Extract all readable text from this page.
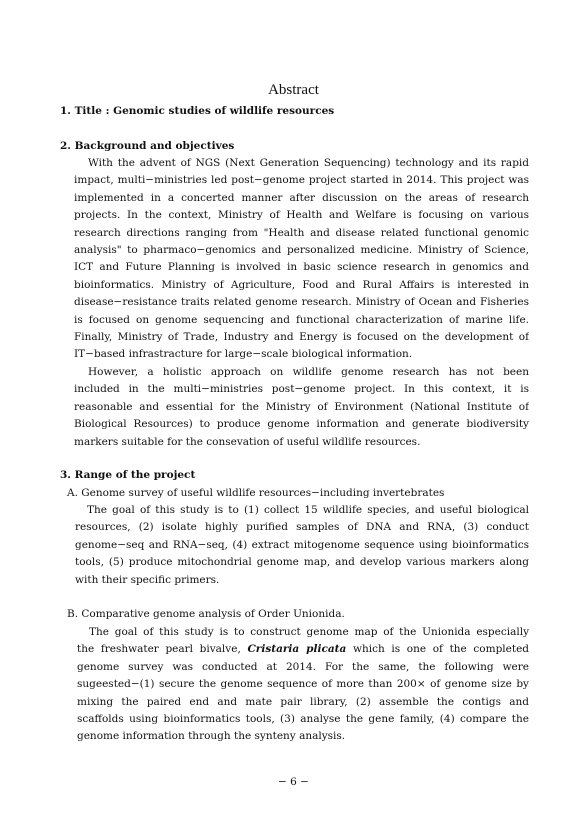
Abstract
1. Title : Genomic studies of wildlife resources
2. Background and objectives
With the advent of NGS (Next Generation Sequencing) technology and its rapid
impact, multi−ministries led post−genome project started in 2014. This project was
implemented in a concerted manner after discussion on the areas of research
projects. In the context, Ministry of Health and Welfare is focusing on various
research directions ranging from "Health and disease related functional genomic
analysis" to pharmaco−genomics and personalized medicine. Ministry of Science,
ICT and Future Planning is involved in basic science research in genomics and
bioinformatics. Ministry of Agriculture, Food and Rural Affairs is interested in
disease−resistance traits related genome research. Ministry of Ocean and Fisheries
is focused on genome sequencing and functional characterization of marine life.
Finally, Ministry of Trade, Industry and Energy is focused on the development of
IT−based infrastracture for large−scale biological information.
However, a holistic approach on wildlife genome research has not been
included in the multi−ministries post−genome project. In this context, it is
reasonable and essential for the Ministry of Environment (National Institute of
Biological Resources) to produce genome information and generate biodiversity
markers suitable for the consevation of useful wildlife resources.
3. Range of the project
A. Genome survey of useful wildlife resources−including invertebrates
The goal of this study is to (1) collect 15 wildlife species, and useful biological
resources, (2) isolate highly purified samples of DNA and RNA, (3) conduct
genome−seq and RNA−seq, (4) extract mitogenome sequence using bioinformatics
tools, (5) produce mitochondrial genome map, and develop various markers along
with their specific primers.
B. Comparative genome analysis of Order Unionida.
The goal of this study is to construct genome map of the Unionida especially
the freshwater pearl bivalve, Cristaria plicata which is one of the completed
genome survey was conducted at 2014. For the same, the following were
sugeested−(1) secure the genome sequence of more than 200× of genome size by
mixing the paired end and mate pair library, (2) assemble the contigs and
scaffolds using bioinformatics tools, (3) analyse the gene family, (4) compare the
genome information through the synteny analysis.
− 6 −
